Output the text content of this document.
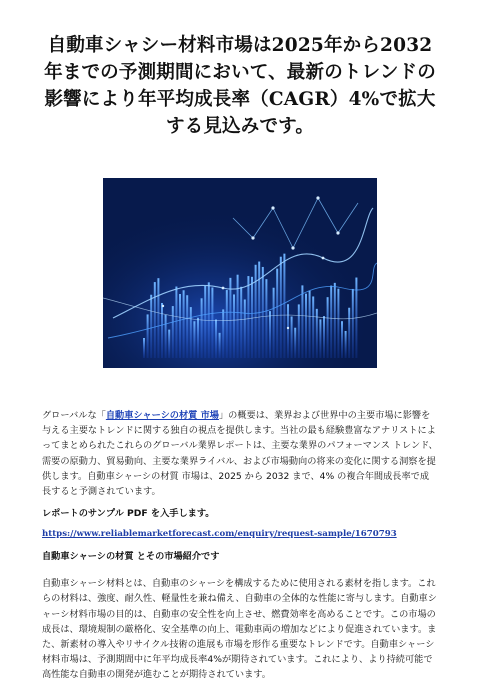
自動車シャシー材料市場は2025年から2032年までの予測期間において、最新のトレンドの影響により年平均成長率（CAGR）4%で拡大する見込みです。

グローバルな「自動車シャーシの材質 市場」の概要は、業界および世界中の主要市場に影響を与える主要なトレンドに関する独自の視点を提供します。当社の最も経験豊富なアナリストによってまとめられたこれらのグローバル業界レポートは、主要な業界のパフォーマンス トレンド、需要の原動力、貿易動向、主要な業界ライバル、および市場動向の将来の変化に関する洞察を提供します。自動車シャーシの材質 市場は、2025 から 2032 まで、4% の複合年間成長率で成長すると予測されています。

レポートのサンプル PDF を入手します。
https://www.reliablemarketforecast.com/enquiry/request-sample/1670793
自動車シャーシの材質 とその市場紹介です

自動車シャーシ材料とは、自動車のシャーシを構成するために使用される素材を指します。これらの材料は、強度、耐久性、軽量性を兼ね備え、自動車の全体的な性能に寄与します。自動車シャーシ材料市場の目的は、自動車の安全性を向上させ、燃費効率を高めることです。この市場の成長は、環境規制の厳格化、安全基準の向上、電動車両の増加などにより促進されています。また、新素材の導入やリサイクル技術の進展も市場を形作る重要なトレンドです。自動車シャーシ材料市場は、予測期間中に年平均成長率4%が期待されています。これにより、より持続可能で高性能な自動車の開発が進むことが期待されています。
